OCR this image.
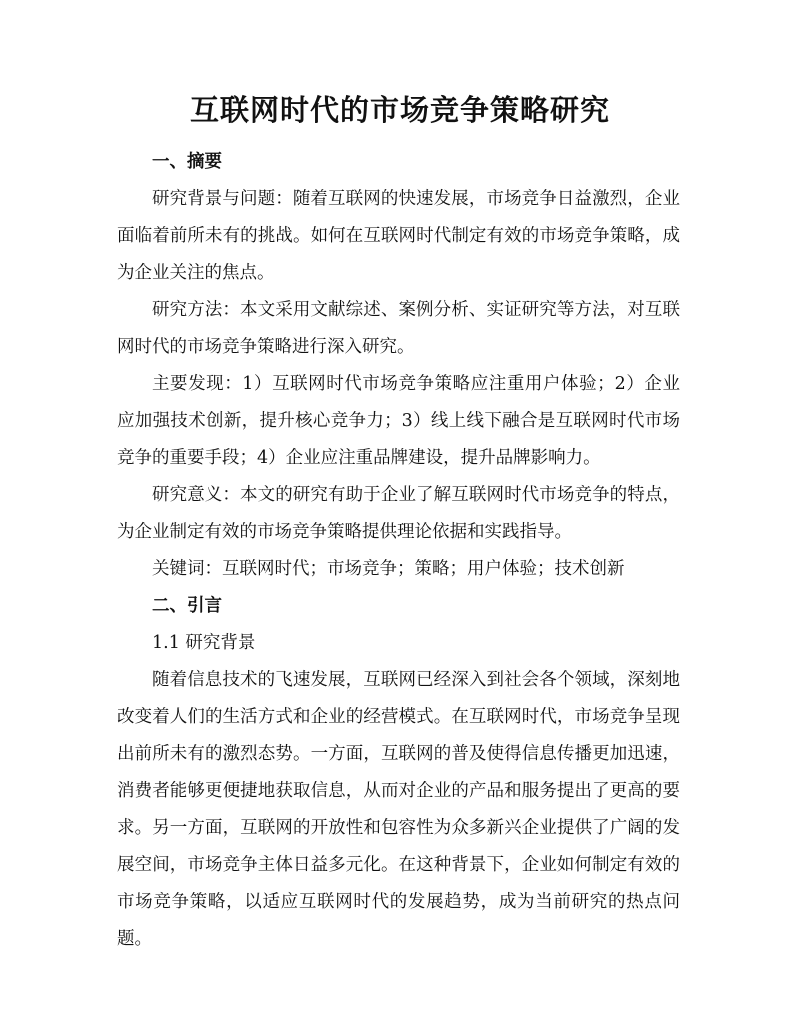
互联网时代的市场竞争策略研究
一、摘要

研究背景与问题：随着互联网的快速发展，市场竞争日益激烈，企业面临着前所未有的挑战。如何在互联网时代制定有效的市场竞争策略，成为企业关注的焦点。

研究方法：本文采用文献综述、案例分析、实证研究等方法，对互联网时代的市场竞争策略进行深入研究。

主要发现：1）互联网时代市场竞争策略应注重用户体验；2）企业应加强技术创新，提升核心竞争力；3）线上线下融合是互联网时代市场竞争的重要手段；4）企业应注重品牌建设，提升品牌影响力。

研究意义：本文的研究有助于企业了解互联网时代市场竞争的特点，为企业制定有效的市场竞争策略提供理论依据和实践指导。

关键词：互联网时代；市场竞争；策略；用户体验；技术创新

二、引言

1.1 研究背景

随着信息技术的飞速发展，互联网已经深入到社会各个领域，深刻地改变着人们的生活方式和企业的经营模式。在互联网时代，市场竞争呈现出前所未有的激烈态势。一方面，互联网的普及使得信息传播更加迅速，消费者能够更便捷地获取信息，从而对企业的产品和服务提出了更高的要求。另一方面，互联网的开放性和包容性为众多新兴企业提供了广阔的发展空间，市场竞争主体日益多元化。在这种背景下，企业如何制定有效的市场竞争策略，以适应互联网时代的发展趋势，成为当前研究的热点问题。
